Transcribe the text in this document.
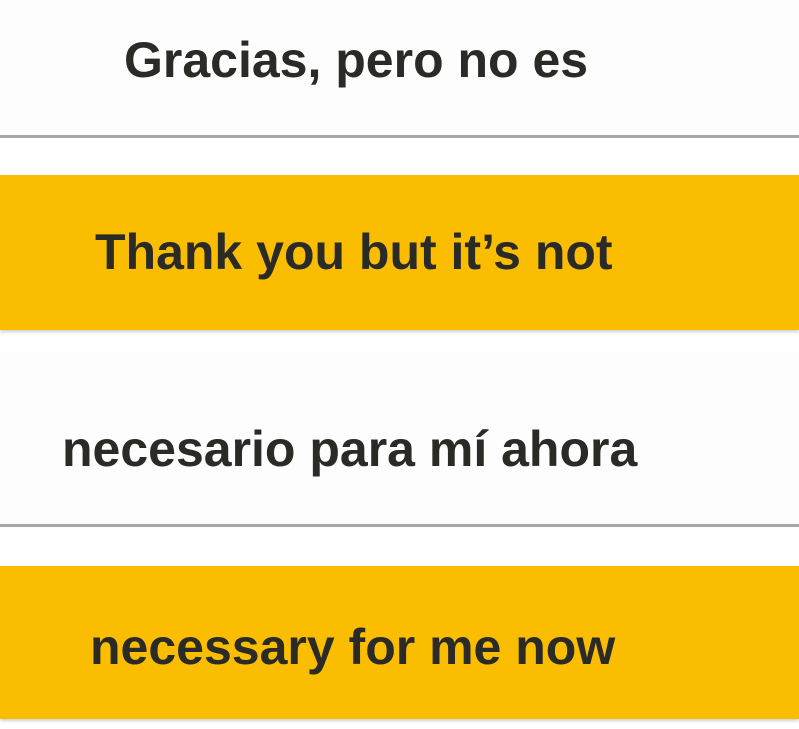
Gracias, pero no es
Thank you but it’s not
necesario para mí ahora
necessary for me now
